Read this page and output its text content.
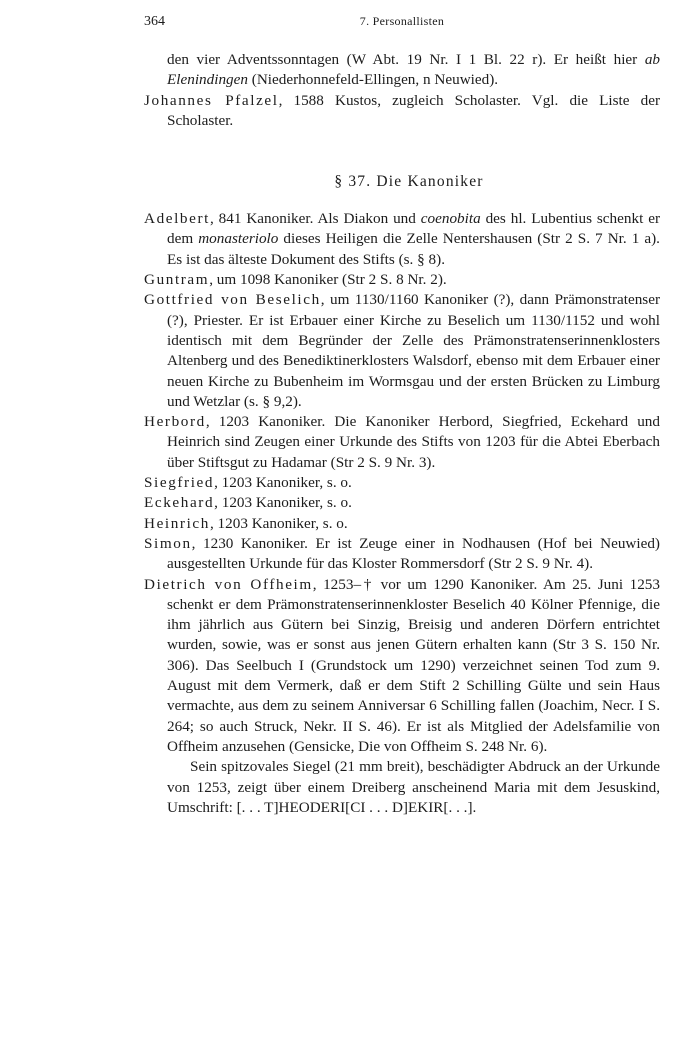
364	7. Personallisten

den vier Adventssonntagen (W Abt. 19 Nr. I 1 Bl. 22 r). Er heißt hier ab Elenindingen (Niederhonnefeld-Ellingen, n Neuwied).

Johannes Pfalzel, 1588 Kustos, zugleich Scholaster. Vgl. die Liste der Scholaster.

§ 37. Die Kanoniker

Adelbert, 841 Kanoniker. Als Diakon und coenobita des hl. Lubentius schenkt er dem monasteriolo dieses Heiligen die Zelle Nentershausen (Str 2 S. 7 Nr. 1 a). Es ist das älteste Dokument des Stifts (s. § 8).

Guntram, um 1098 Kanoniker (Str 2 S. 8 Nr. 2).

Gottfried von Beselich, um 1130/1160 Kanoniker (?), dann Prämonstratenser (?), Priester. Er ist Erbauer einer Kirche zu Beselich um 1130/1152 und wohl identisch mit dem Begründer der Zelle des Prämonstratenserinnenklosters Altenberg und des Benediktinerklosters Walsdorf, ebenso mit dem Erbauer einer neuen Kirche zu Bubenheim im Wormsgau und der ersten Brücken zu Limburg und Wetzlar (s. § 9,2).

Herbord, 1203 Kanoniker. Die Kanoniker Herbord, Siegfried, Eckehard und Heinrich sind Zeugen einer Urkunde des Stifts von 1203 für die Abtei Eberbach über Stiftsgut zu Hadamar (Str 2 S. 9 Nr. 3).

Siegfried, 1203 Kanoniker, s. o.

Eckehard, 1203 Kanoniker, s. o.

Heinrich, 1203 Kanoniker, s. o.

Simon, 1230 Kanoniker. Er ist Zeuge einer in Nodhausen (Hof bei Neuwied) ausgestellten Urkunde für das Kloster Rommersdorf (Str 2 S. 9 Nr. 4).

Dietrich von Offheim, 1253–† vor um 1290 Kanoniker. Am 25. Juni 1253 schenkt er dem Prämonstratenserinnenkloster Beselich 40 Kölner Pfennige, die ihm jährlich aus Gütern bei Sinzig, Breisig und anderen Dörfern entrichtet wurden, sowie, was er sonst aus jenen Gütern erhalten kann (Str 3 S. 150 Nr. 306). Das Seelbuch I (Grundstock um 1290) verzeichnet seinen Tod zum 9. August mit dem Vermerk, daß er dem Stift 2 Schilling Gülte und sein Haus vermachte, aus dem zu seinem Anniversar 6 Schilling fallen (Joachim, Necr. I S. 264; so auch Struck, Nekr. II S. 46). Er ist als Mitglied der Adelsfamilie von Offheim anzusehen (Gensicke, Die von Offheim S. 248 Nr. 6).

Sein spitzovales Siegel (21 mm breit), beschädigter Abdruck an der Urkunde von 1253, zeigt über einem Dreiberg anscheinend Maria mit dem Jesuskind, Umschrift: [. . . T]HEODERI[CI . . . D]EKIR[. . .].
